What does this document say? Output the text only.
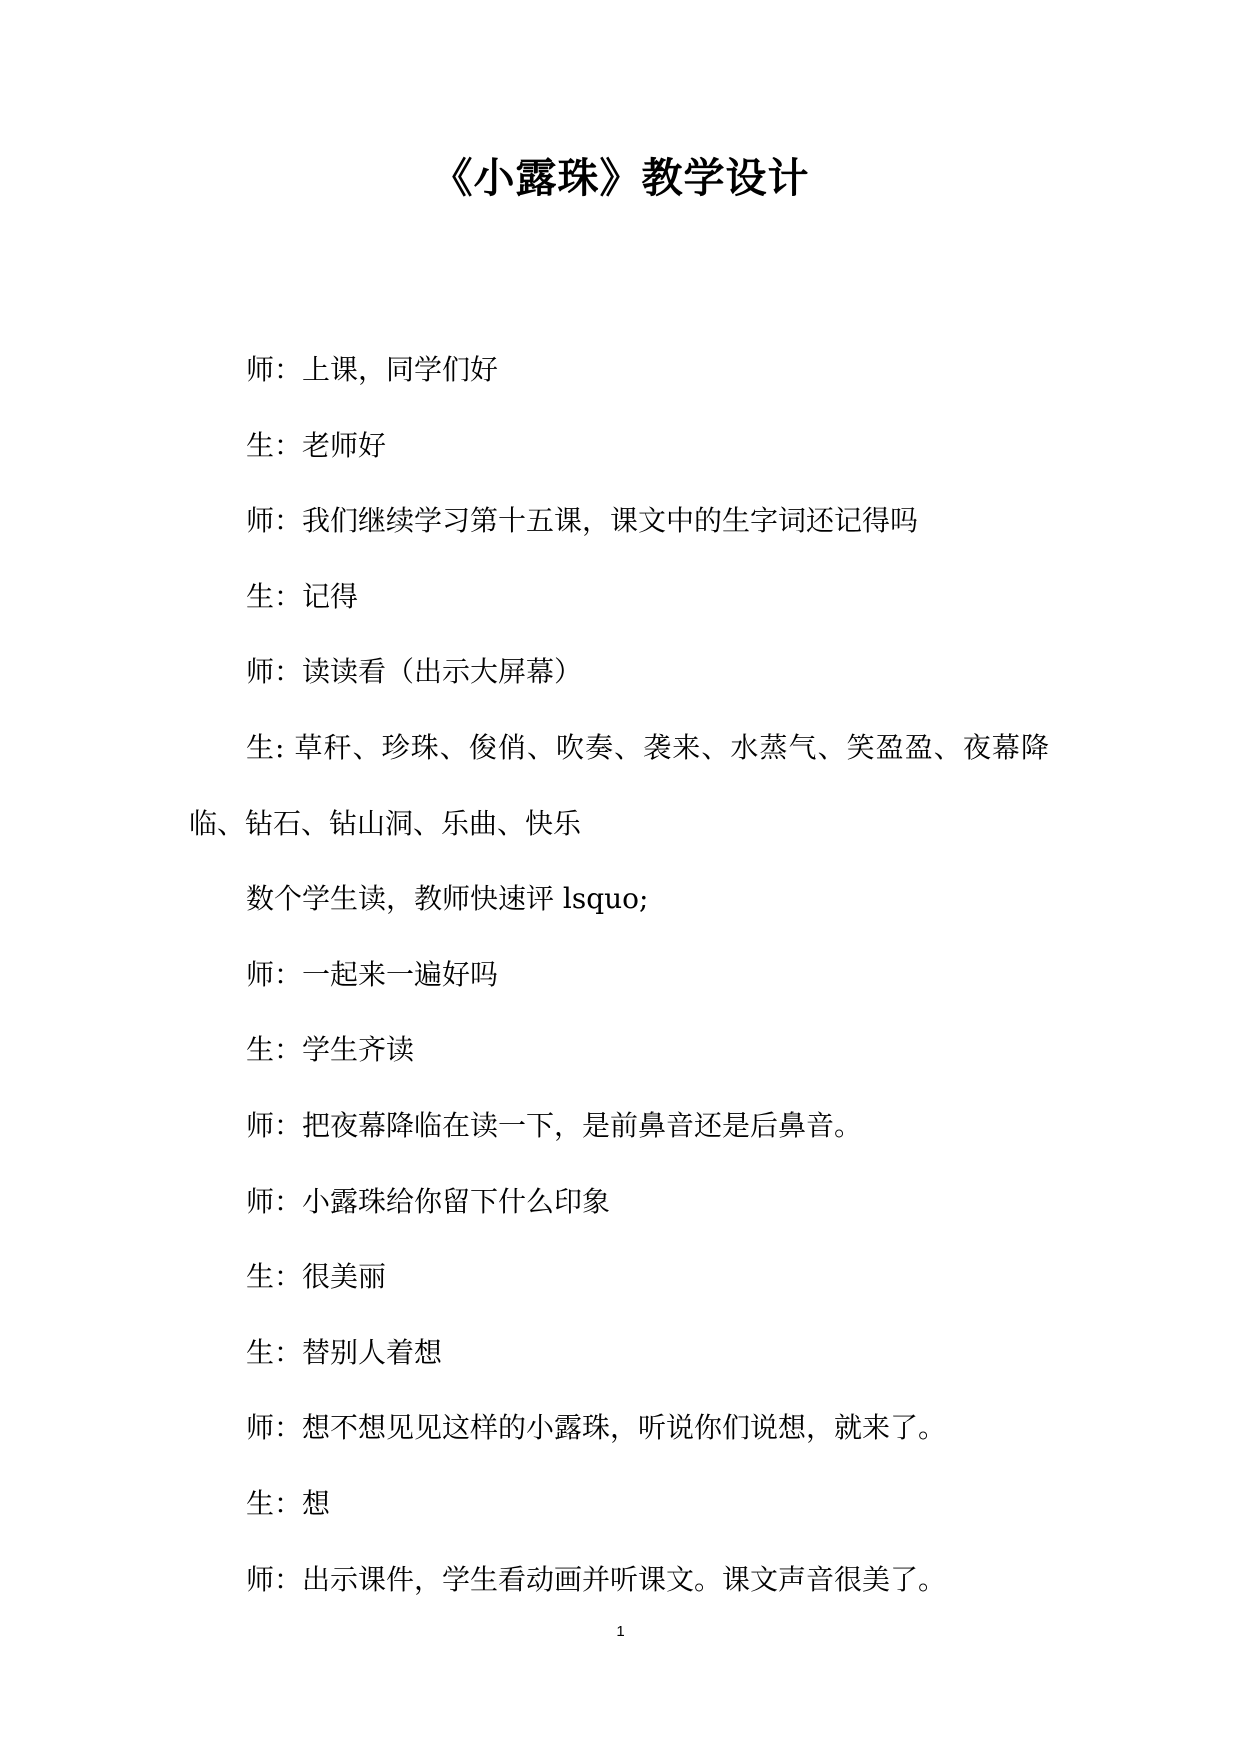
《小露珠》教学设计

师：上课，同学们好

生：老师好

师：我们继续学习第十五课，课文中的生字词还记得吗

生：记得

师：读读看（出示大屏幕）

生: 草秆、珍珠、俊俏、吹奏、袭来、水蒸气、笑盈盈、夜幕降临、钻石、钻山洞、乐曲、快乐

数个学生读，教师快速评 lsquo;

师：一起来一遍好吗

生：学生齐读

师：把夜幕降临在读一下，是前鼻音还是后鼻音。

师：小露珠给你留下什么印象

生：很美丽

生：替别人着想

师：想不想见见这样的小露珠，听说你们说想，就来了。

生：想

师：出示课件，学生看动画并听课文。课文声音很美了。

1
